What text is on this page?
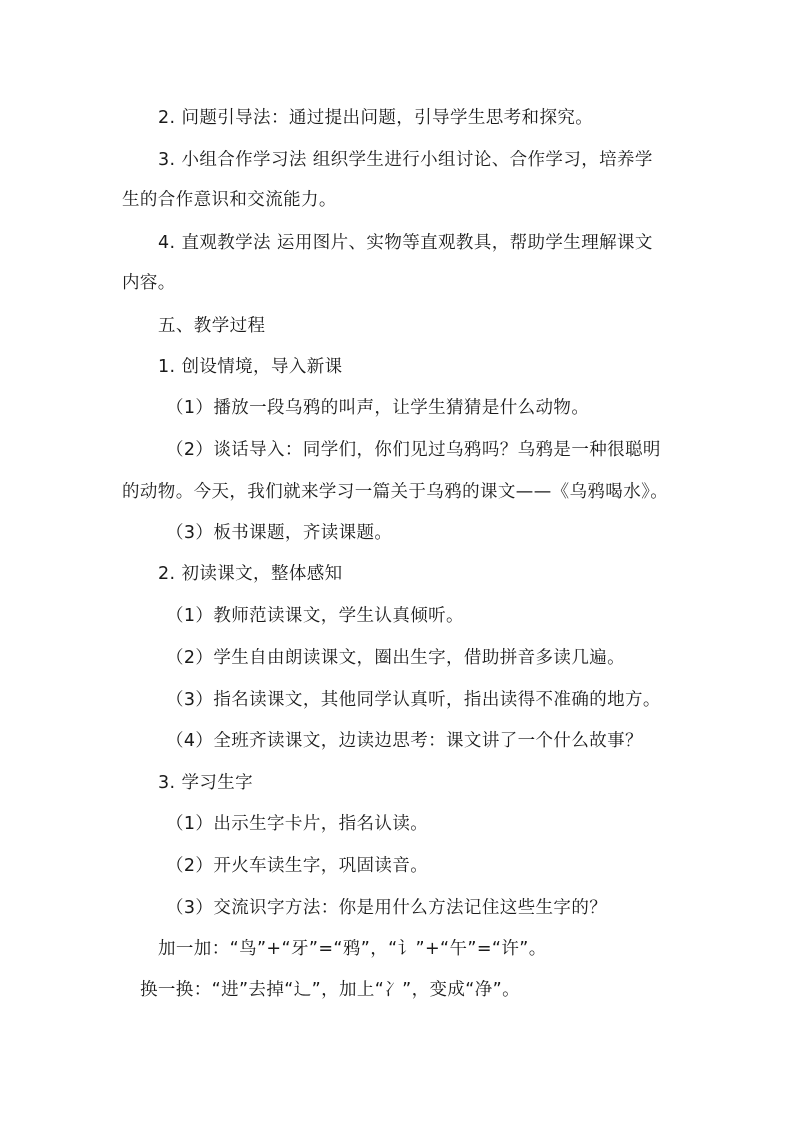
2. 问题引导法：通过提出问题，引导学生思考和探究。
3. 小组合作学习法 组织学生进行小组讨论、合作学习，培养学
生的合作意识和交流能力。
4. 直观教学法 运用图片、实物等直观教具，帮助学生理解课文
内容。
五、教学过程
1. 创设情境，导入新课
（1）播放一段乌鸦的叫声，让学生猜猜是什么动物。
（2）谈话导入：同学们，你们见过乌鸦吗？乌鸦是一种很聪明
的动物。今天，我们就来学习一篇关于乌鸦的课文——《乌鸦喝水》。
（3）板书课题，齐读课题。
2. 初读课文，整体感知
（1）教师范读课文，学生认真倾听。
（2）学生自由朗读课文，圈出生字，借助拼音多读几遍。
（3）指名读课文，其他同学认真听，指出读得不准确的地方。
（4）全班齐读课文，边读边思考：课文讲了一个什么故事？
3. 学习生字
（1）出示生字卡片，指名认读。
（2）开火车读生字，巩固读音。
（3）交流识字方法：你是用什么方法记住这些生字的？
加一加：“鸟”+“牙”=“鸦”，“讠”+“午”=“许”。
换一换：“进”去掉“辶”，加上“冫”，变成“净”。
